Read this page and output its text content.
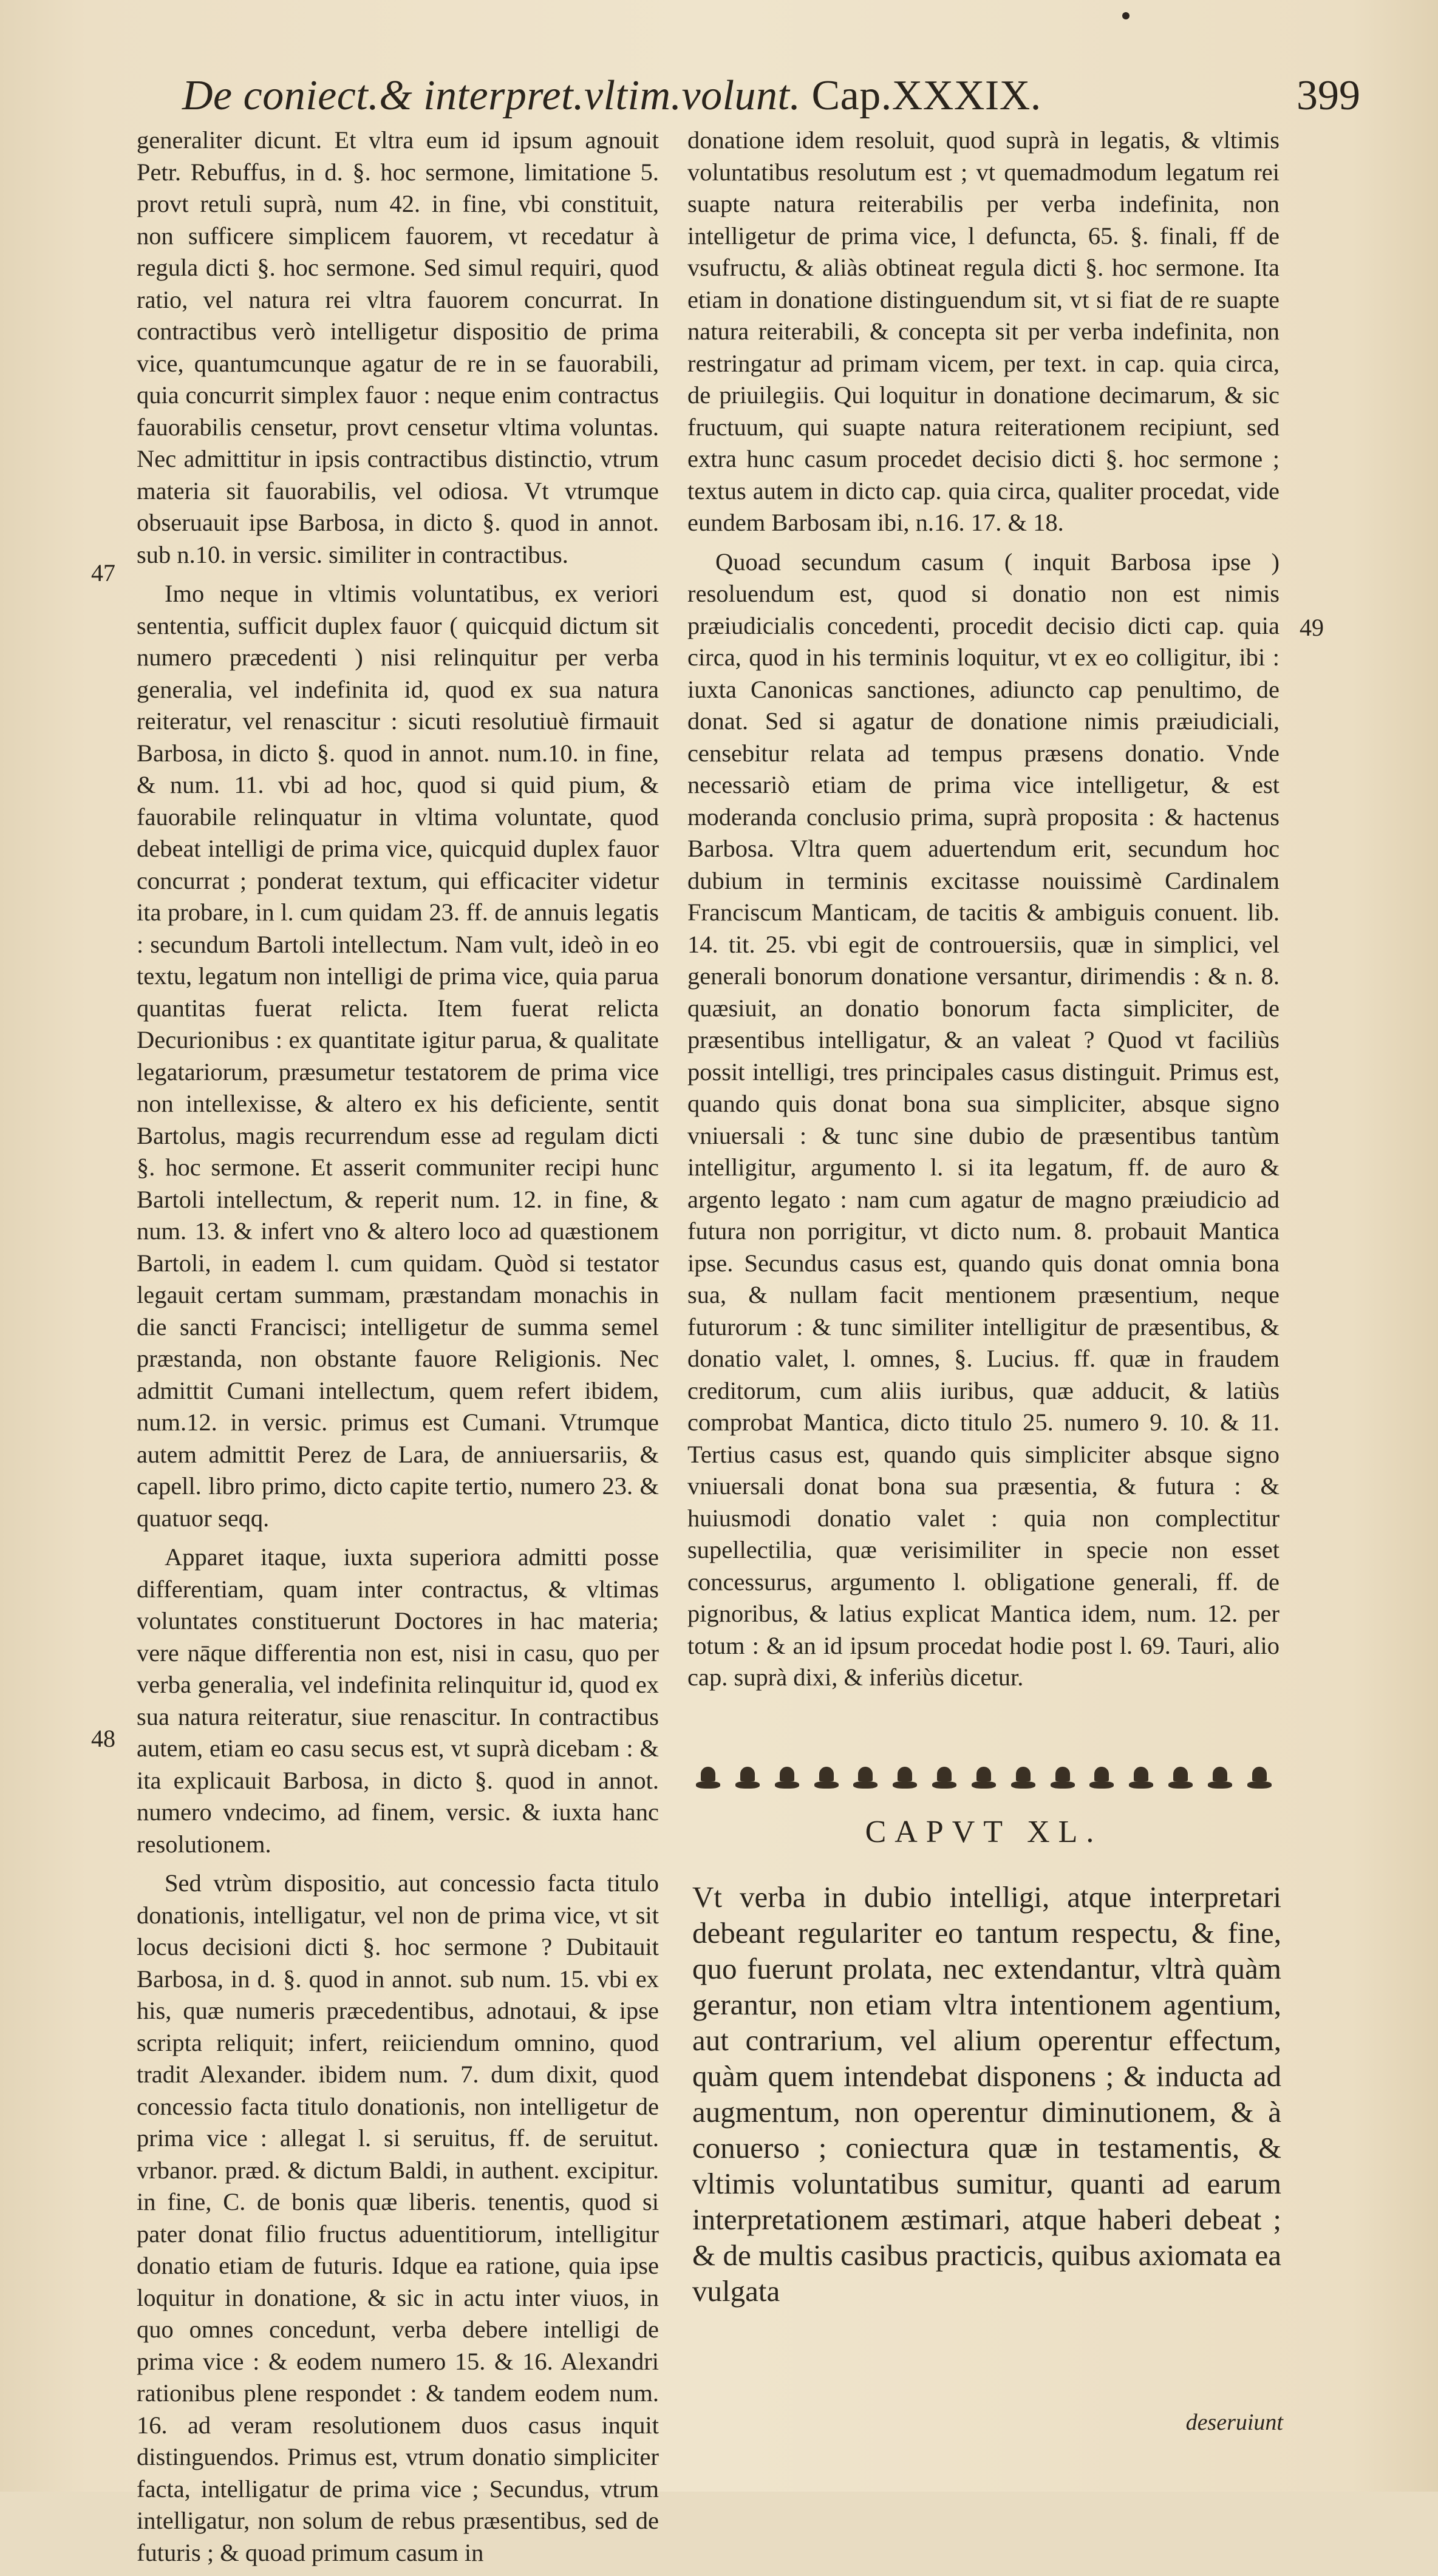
De coniect.& interpret.vltim.volunt. Cap.XXXIX.	399
47
48
49

generaliter dicunt. Et vltra eum id ipsum agnouit Petr. Rebuffus, in d. §. hoc sermone, limitatione 5. provt retuli suprà, num 42. in fine, vbi constituit, non sufficere simplicem fauorem, vt recedatur à regula dicti §. hoc sermone. Sed simul requiri, quod ratio, vel natura rei vltra fauorem concurrat. In contractibus verò intelligetur dispositio de prima vice, quantumcunque agatur de re in se fauorabili, quia concurrit simplex fauor : neque enim contractus fauorabilis censetur, provt censetur vltima voluntas. Nec admittitur in ipsis contractibus distinctio, vtrum materia sit fauorabilis, vel odiosa. Vt vtrumque obseruauit ipse Barbosa, in dicto §. quod in annot. sub n.10. in versic. similiter in contractibus.

Imo neque in vltimis voluntatibus, ex veriori sententia, sufficit duplex fauor ( quicquid dictum sit numero præcedenti ) nisi relinquitur per verba generalia, vel indefinita id, quod ex sua natura reiteratur, vel renascitur : sicuti resolutiuè firmauit Barbosa, in dicto §. quod in annot. num.10. in fine, & num. 11. vbi ad hoc, quod si quid pium, & fauorabile relinquatur in vltima voluntate, quod debeat intelligi de prima vice, quicquid duplex fauor concurrat ; ponderat textum, qui efficaciter videtur ita probare, in l. cum quidam 23. ff. de annuis legatis : secundum Bartoli intellectum. Nam vult, ideò in eo textu, legatum non intelligi de prima vice, quia parua quantitas fuerat relicta. Item fuerat relicta Decurionibus : ex quantitate igitur parua, & qualitate legatariorum, præsumetur testatorem de prima vice non intellexisse, & altero ex his deficiente, sentit Bartolus, magis recurrendum esse ad regulam dicti §. hoc sermone. Et asserit communiter recipi hunc Bartoli intellectum, & reperit num. 12. in fine, & num. 13. & infert vno & altero loco ad quæstionem Bartoli, in eadem l. cum quidam. Quòd si testator legauit certam summam, præstandam monachis in die sancti Francisci; intelligetur de summa semel præstanda, non obstante fauore Religionis. Nec admittit Cumani intellectum, quem refert ibidem, num.12. in versic. primus est Cumani. Vtrumque autem admittit Perez de Lara, de anniuersariis, & capell. libro primo, dicto capite tertio, numero 23. & quatuor seqq.

Apparet itaque, iuxta superiora admitti posse differentiam, quam inter contractus, & vltimas voluntates constituerunt Doctores in hac materia; vere nāque differentia non est, nisi in casu, quo per verba generalia, vel indefinita relinquitur id, quod ex sua natura reiteratur, siue renascitur. In contractibus autem, etiam eo casu secus est, vt suprà dicebam : & ita explicauit Barbosa, in dicto §. quod in annot. numero vndecimo, ad finem, versic. & iuxta hanc resolutionem.

Sed vtrùm dispositio, aut concessio facta titulo donationis, intelligatur, vel non de prima vice, vt sit locus decisioni dicti §. hoc sermone ? Dubitauit Barbosa, in d. §. quod in annot. sub num. 15. vbi ex his, quæ numeris præcedentibus, adnotaui, & ipse scripta reliquit; infert, reiiciendum omnino, quod tradit Alexander. ibidem num. 7. dum dixit, quod concessio facta titulo donationis, non intelligetur de prima vice : allegat l. si seruitus, ff. de seruitut. vrbanor. præd. & dictum Baldi, in authent. excipitur. in fine, C. de bonis quæ liberis. tenentis, quod si pater donat filio fructus aduentitiorum, intelligitur donatio etiam de futuris. Idque ea ratione, quia ipse loquitur in donatione, & sic in actu inter viuos, in quo omnes concedunt, verba debere intelligi de prima vice : & eodem numero 15. & 16. Alexandri rationibus plene respondet : & tandem eodem num. 16. ad veram resolutionem duos casus inquit distinguendos. Primus est, vtrum donatio simpliciter facta, intelligatur de prima vice ; Secundus, vtrum intelligatur, non solum de rebus præsentibus, sed de futuris ; & quoad primum casum in

donatione idem resoluit, quod suprà in legatis, & vltimis voluntatibus resolutum est ; vt quemadmodum legatum rei suapte natura reiterabilis per verba indefinita, non intelligetur de prima vice, l defuncta, 65. §. finali, ff de vsufructu, & aliàs obtineat regula dicti §. hoc sermone. Ita etiam in donatione distinguendum sit, vt si fiat de re suapte natura reiterabili, & concepta sit per verba indefinita, non restringatur ad primam vicem, per text. in cap. quia circa, de priuilegiis. Qui loquitur in donatione decimarum, & sic fructuum, qui suapte natura reiterationem recipiunt, sed extra hunc casum procedet decisio dicti §. hoc sermone ; textus autem in dicto cap. quia circa, qualiter procedat, vide eundem Barbosam ibi, n.16. 17. & 18.

Quoad secundum casum ( inquit Barbosa ipse ) resoluendum est, quod si donatio non est nimis præiudicialis concedenti, procedit decisio dicti cap. quia circa, quod in his terminis loquitur, vt ex eo colligitur, ibi : iuxta Canonicas sanctiones, adiuncto cap penultimo, de donat. Sed si agatur de donatione nimis præiudiciali, censebitur relata ad tempus præsens donatio. Vnde necessariò etiam de prima vice intelligetur, & est moderanda conclusio prima, suprà proposita : & hactenus Barbosa. Vltra quem aduertendum erit, secundum hoc dubium in terminis excitasse nouissimè Cardinalem Franciscum Manticam, de tacitis & ambiguis conuent. lib. 14. tit. 25. vbi egit de controuersiis, quæ in simplici, vel generali bonorum donatione versantur, dirimendis : & n. 8. quæsiuit, an donatio bonorum facta simpliciter, de præsentibus intelligatur, & an valeat ? Quod vt faciliùs possit intelligi, tres principales casus distinguit. Primus est, quando quis donat bona sua simpliciter, absque signo vniuersali : & tunc sine dubio de præsentibus tantùm intelligitur, argumento l. si ita legatum, ff. de auro & argento legato : nam cum agatur de magno præiudicio ad futura non porrigitur, vt dicto num. 8. probauit Mantica ipse. Secundus casus est, quando quis donat omnia bona sua, & nullam facit mentionem præsentium, neque futurorum : & tunc similiter intelligitur de præsentibus, & donatio valet, l. omnes, §. Lucius. ff. quæ in fraudem creditorum, cum aliis iuribus, quæ adducit, & latiùs comprobat Mantica, dicto titulo 25. numero 9. 10. & 11. Tertius casus est, quando quis simpliciter absque signo vniuersali donat bona sua præsentia, & futura : & huiusmodi donatio valet : quia non complectitur supellectilia, quæ verisimiliter in specie non esset concessurus, argumento l. obligatione generali, ff. de pignoribus, & latius explicat Mantica idem, num. 12. per totum : & an id ipsum procedat hodie post l. 69. Tauri, alio cap. suprà dixi, & inferiùs dicetur.

CAPVT XL.
Vt verba in dubio intelligi, atque interpretari debeant regulariter eo tantum respectu, & fine, quo fuerunt prolata, nec extendantur, vltrà quàm gerantur, non etiam vltra intentionem agentium, aut contrarium, vel alium operentur effectum, quàm quem intendebat disponens ; & inducta ad augmentum, non operentur diminutionem, & à conuerso ; coniectura quæ in testamentis, & vltimis voluntatibus sumitur, quanti ad earum interpretationem æstimari, atque haberi debeat ; & de multis casibus practicis, quibus axiomata ea vulgata
deseruiunt
